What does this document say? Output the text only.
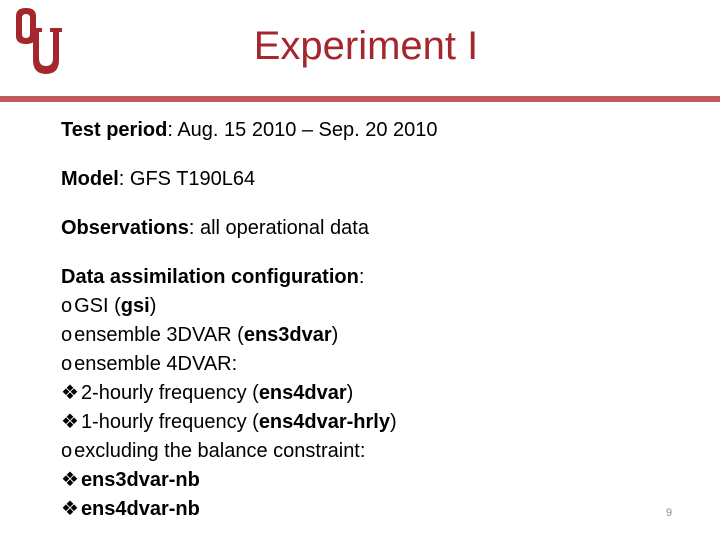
Experiment I

Test period: Aug. 15 2010 – Sep. 20 2010

Model: GFS T190L64

Observations: all operational data

Data assimilation configuration:
oGSI (gsi)
oensemble 3DVAR (ens3dvar)
oensemble 4DVAR:
❖ 2-hourly frequency (ens4dvar)
❖1-hourly frequency (ens4dvar-hrly)
oexcluding the balance constraint:
❖ ens3dvar-nb
❖ ens4dvar-nb	9
